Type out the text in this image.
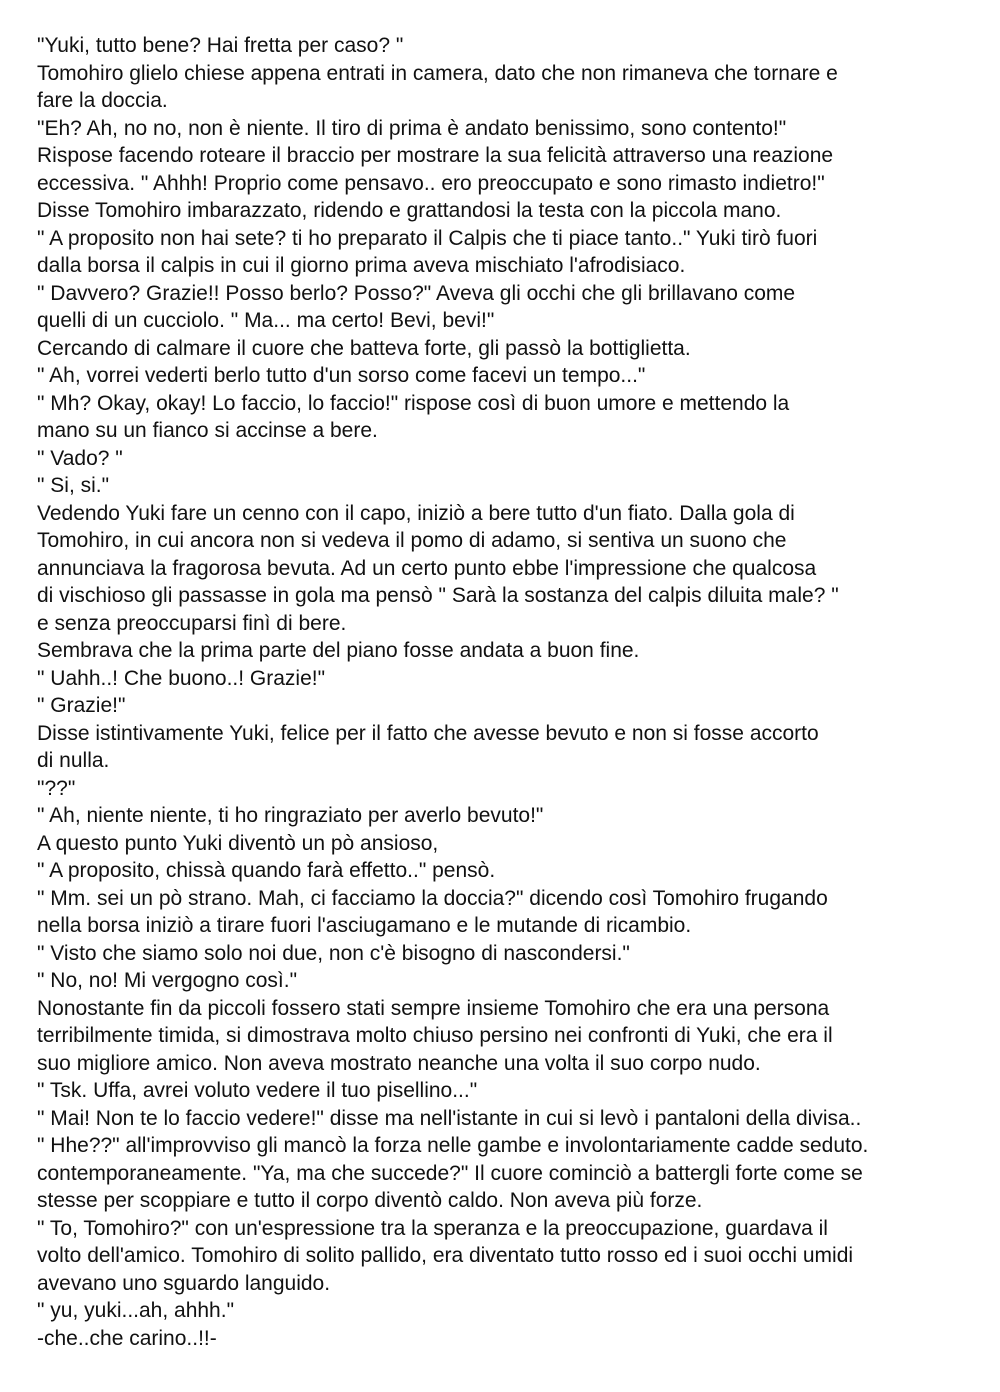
"Yuki, tutto bene? Hai fretta per caso? "
Tomohiro glielo chiese appena entrati in camera, dato che non rimaneva che tornare e
fare la doccia.
"Eh? Ah, no no, non è niente. Il tiro di prima è andato benissimo, sono contento!"
Rispose facendo roteare il braccio per mostrare la sua felicità attraverso una reazione
eccessiva. " Ahhh! Proprio come pensavo.. ero preoccupato e sono rimasto indietro!"
Disse Tomohiro imbarazzato, ridendo e grattandosi la testa con la piccola mano.
" A proposito non hai sete? ti ho preparato il Calpis che ti piace tanto.." Yuki tirò fuori
dalla borsa il calpis in cui il giorno prima aveva mischiato l'afrodisiaco.
" Davvero? Grazie!! Posso berlo? Posso?" Aveva gli occhi che gli brillavano come
quelli di un cucciolo. " Ma... ma certo! Bevi, bevi!"
Cercando di calmare il cuore che batteva forte, gli passò la bottiglietta.
" Ah, vorrei vederti berlo tutto d'un sorso come facevi un tempo..."
" Mh? Okay, okay! Lo faccio, lo faccio!" rispose così di buon umore e mettendo la
mano su un fianco si accinse a bere.
" Vado? "
" Si, si."
Vedendo Yuki fare un cenno con il capo, iniziò a bere tutto d'un fiato. Dalla gola di
Tomohiro, in cui ancora non si vedeva il pomo di adamo, si sentiva un suono che
annunciava la fragorosa bevuta. Ad un certo punto ebbe l'impressione che qualcosa
di vischioso gli passasse in gola ma pensò " Sarà la sostanza del calpis diluita male? "
e senza preoccuparsi finì di bere.
Sembrava che la prima parte del piano fosse andata a buon fine.
" Uahh..! Che buono..! Grazie!"
" Grazie!"
Disse istintivamente Yuki, felice per il fatto che avesse bevuto e non si fosse accorto
di nulla.
"??"
" Ah, niente niente, ti ho ringraziato per averlo bevuto!"
A questo punto Yuki diventò un pò ansioso,
" A proposito, chissà quando farà effetto.." pensò.
" Mm. sei un pò strano. Mah, ci facciamo la doccia?" dicendo così Tomohiro frugando
nella borsa iniziò a tirare fuori l'asciugamano e le mutande di ricambio.
" Visto che siamo solo noi due, non c'è bisogno di nascondersi."
" No, no! Mi vergogno così."
Nonostante fin da piccoli fossero stati sempre insieme Tomohiro che era una persona
terribilmente timida, si dimostrava molto chiuso persino nei confronti di Yuki, che era il
suo migliore amico. Non aveva mostrato neanche una volta il suo corpo nudo.
" Tsk. Uffa, avrei voluto vedere il tuo pisellino..."
" Mai! Non te lo faccio vedere!" disse ma nell'istante in cui si levò i pantaloni della divisa..
" Hhe??" all'improvviso gli mancò la forza nelle gambe e involontariamente cadde seduto.
contemporaneamente. "Ya, ma che succede?" Il cuore cominciò a battergli forte come se
stesse per scoppiare e tutto il corpo diventò caldo. Non aveva più forze.
" To, Tomohiro?" con un'espressione tra la speranza e la preoccupazione, guardava il
volto dell'amico. Tomohiro di solito pallido, era diventato tutto rosso ed i suoi occhi umidi
avevano uno sguardo languido.
" yu, yuki...ah, ahhh."
-che..che carino..!!-
